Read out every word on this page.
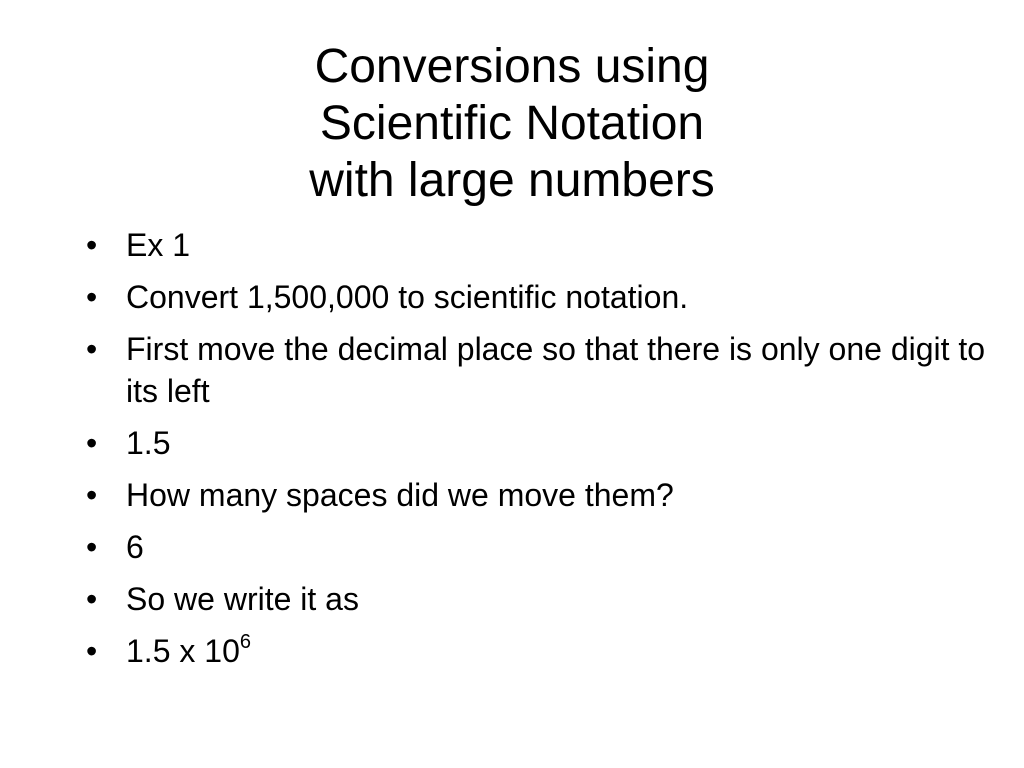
Conversions using
Scientific Notation
with large numbers
• Ex 1
• Convert 1,500,000 to scientific notation.
• First move the decimal place so that there is only one digit to its left
• 1.5
• How many spaces did we move them?
• 6
• So we write it as
• 1.5 x $10^6$
